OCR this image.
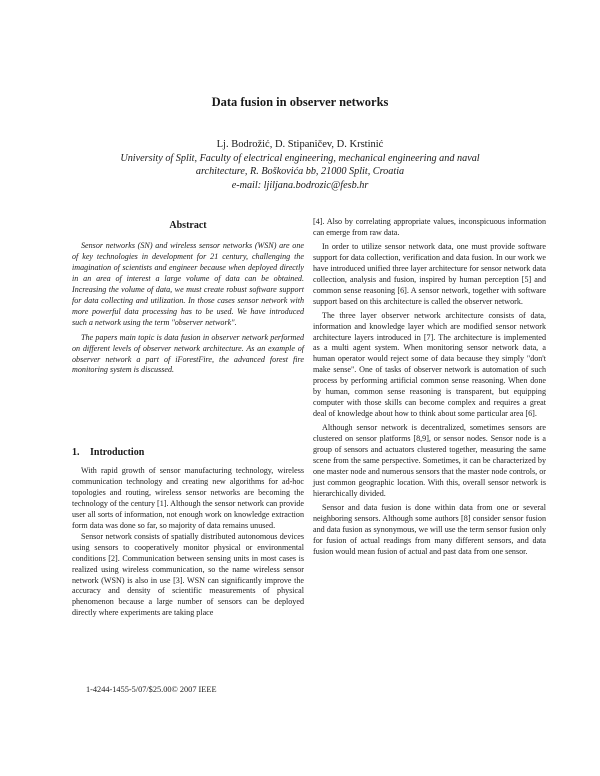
Data fusion in observer networks
Lj. Bodrožić, D. Stipaničev, D. Krstinić
University of Split, Faculty of electrical engineering, mechanical engineering and naval
architecture, R. Boškovića bb, 21000 Split, Croatia
e-mail: ljiljana.bodrozic@fesb.hr
Abstract

Sensor networks (SN) and wireless sensor networks (WSN) are one of key technologies in development for 21 century, challenging the imagination of scientists and engineer because when deployed directly in an area of interest a large volume of data can be obtained. Increasing the volume of data, we must create robust software support for data collecting and utilization. In those cases sensor network with more powerful data processing has to be used. We have introduced such a network using the term "observer network".

The papers main topic is data fusion in observer network performed on different levels of observer network architecture. As an example of observer network a part of iForestFire, the advanced forest fire monitoring system is discussed.

1. Introduction

With rapid growth of sensor manufacturing technology, wireless communication technology and creating new algorithms for ad-hoc topologies and routing, wireless sensor networks are becoming the technology of the century [1]. Although the sensor network can provide user all sorts of information, not enough work on knowledge extraction form data was done so far, so majority of data remains unused.

Sensor network consists of spatially distributed autonomous devices using sensors to cooperatively monitor physical or environmental conditions [2]. Communication between sensing units in most cases is realized using wireless communication, so the name wireless sensor network (WSN) is also in use [3]. WSN can significantly improve the accuracy and density of scientific measurements of physical phenomenon because a large number of sensors can be deployed directly where experiments are taking place

[4]. Also by correlating appropriate values, inconspicuous information can emerge from raw data.

In order to utilize sensor network data, one must provide software support for data collection, verification and data fusion. In our work we have introduced unified three layer architecture for sensor network data collection, analysis and fusion, inspired by human perception [5] and common sense reasoning [6]. A sensor network, together with software support based on this architecture is called the observer network.

The three layer observer network architecture consists of data, information and knowledge layer which are modified sensor network architecture layers introduced in [7]. The architecture is implemented as a multi agent system. When monitoring sensor network data, a human operator would reject some of data because they simply "don't make sense". One of tasks of observer network is automation of such process by performing artificial common sense reasoning. When done by human, common sense reasoning is transparent, but equipping computer with those skills can become complex and requires a great deal of knowledge about how to think about some particular area [6].

Although sensor network is decentralized, sometimes sensors are clustered on sensor platforms [8,9], or sensor nodes. Sensor node is a group of sensors and actuators clustered together, measuring the same scene from the same perspective. Sometimes, it can be characterized by one master node and numerous sensors that the master node controls, or just common geographic location. With this, overall sensor network is hierarchically divided.

Sensor and data fusion is done within data from one or several neighboring sensors. Although some authors [8] consider sensor fusion and data fusion as synonymous, we will use the term sensor fusion only for fusion of actual readings from many different sensors, and data fusion would mean fusion of actual and past data from one sensor.

1-4244-1455-5/07/$25.00© 2007 IEEE
